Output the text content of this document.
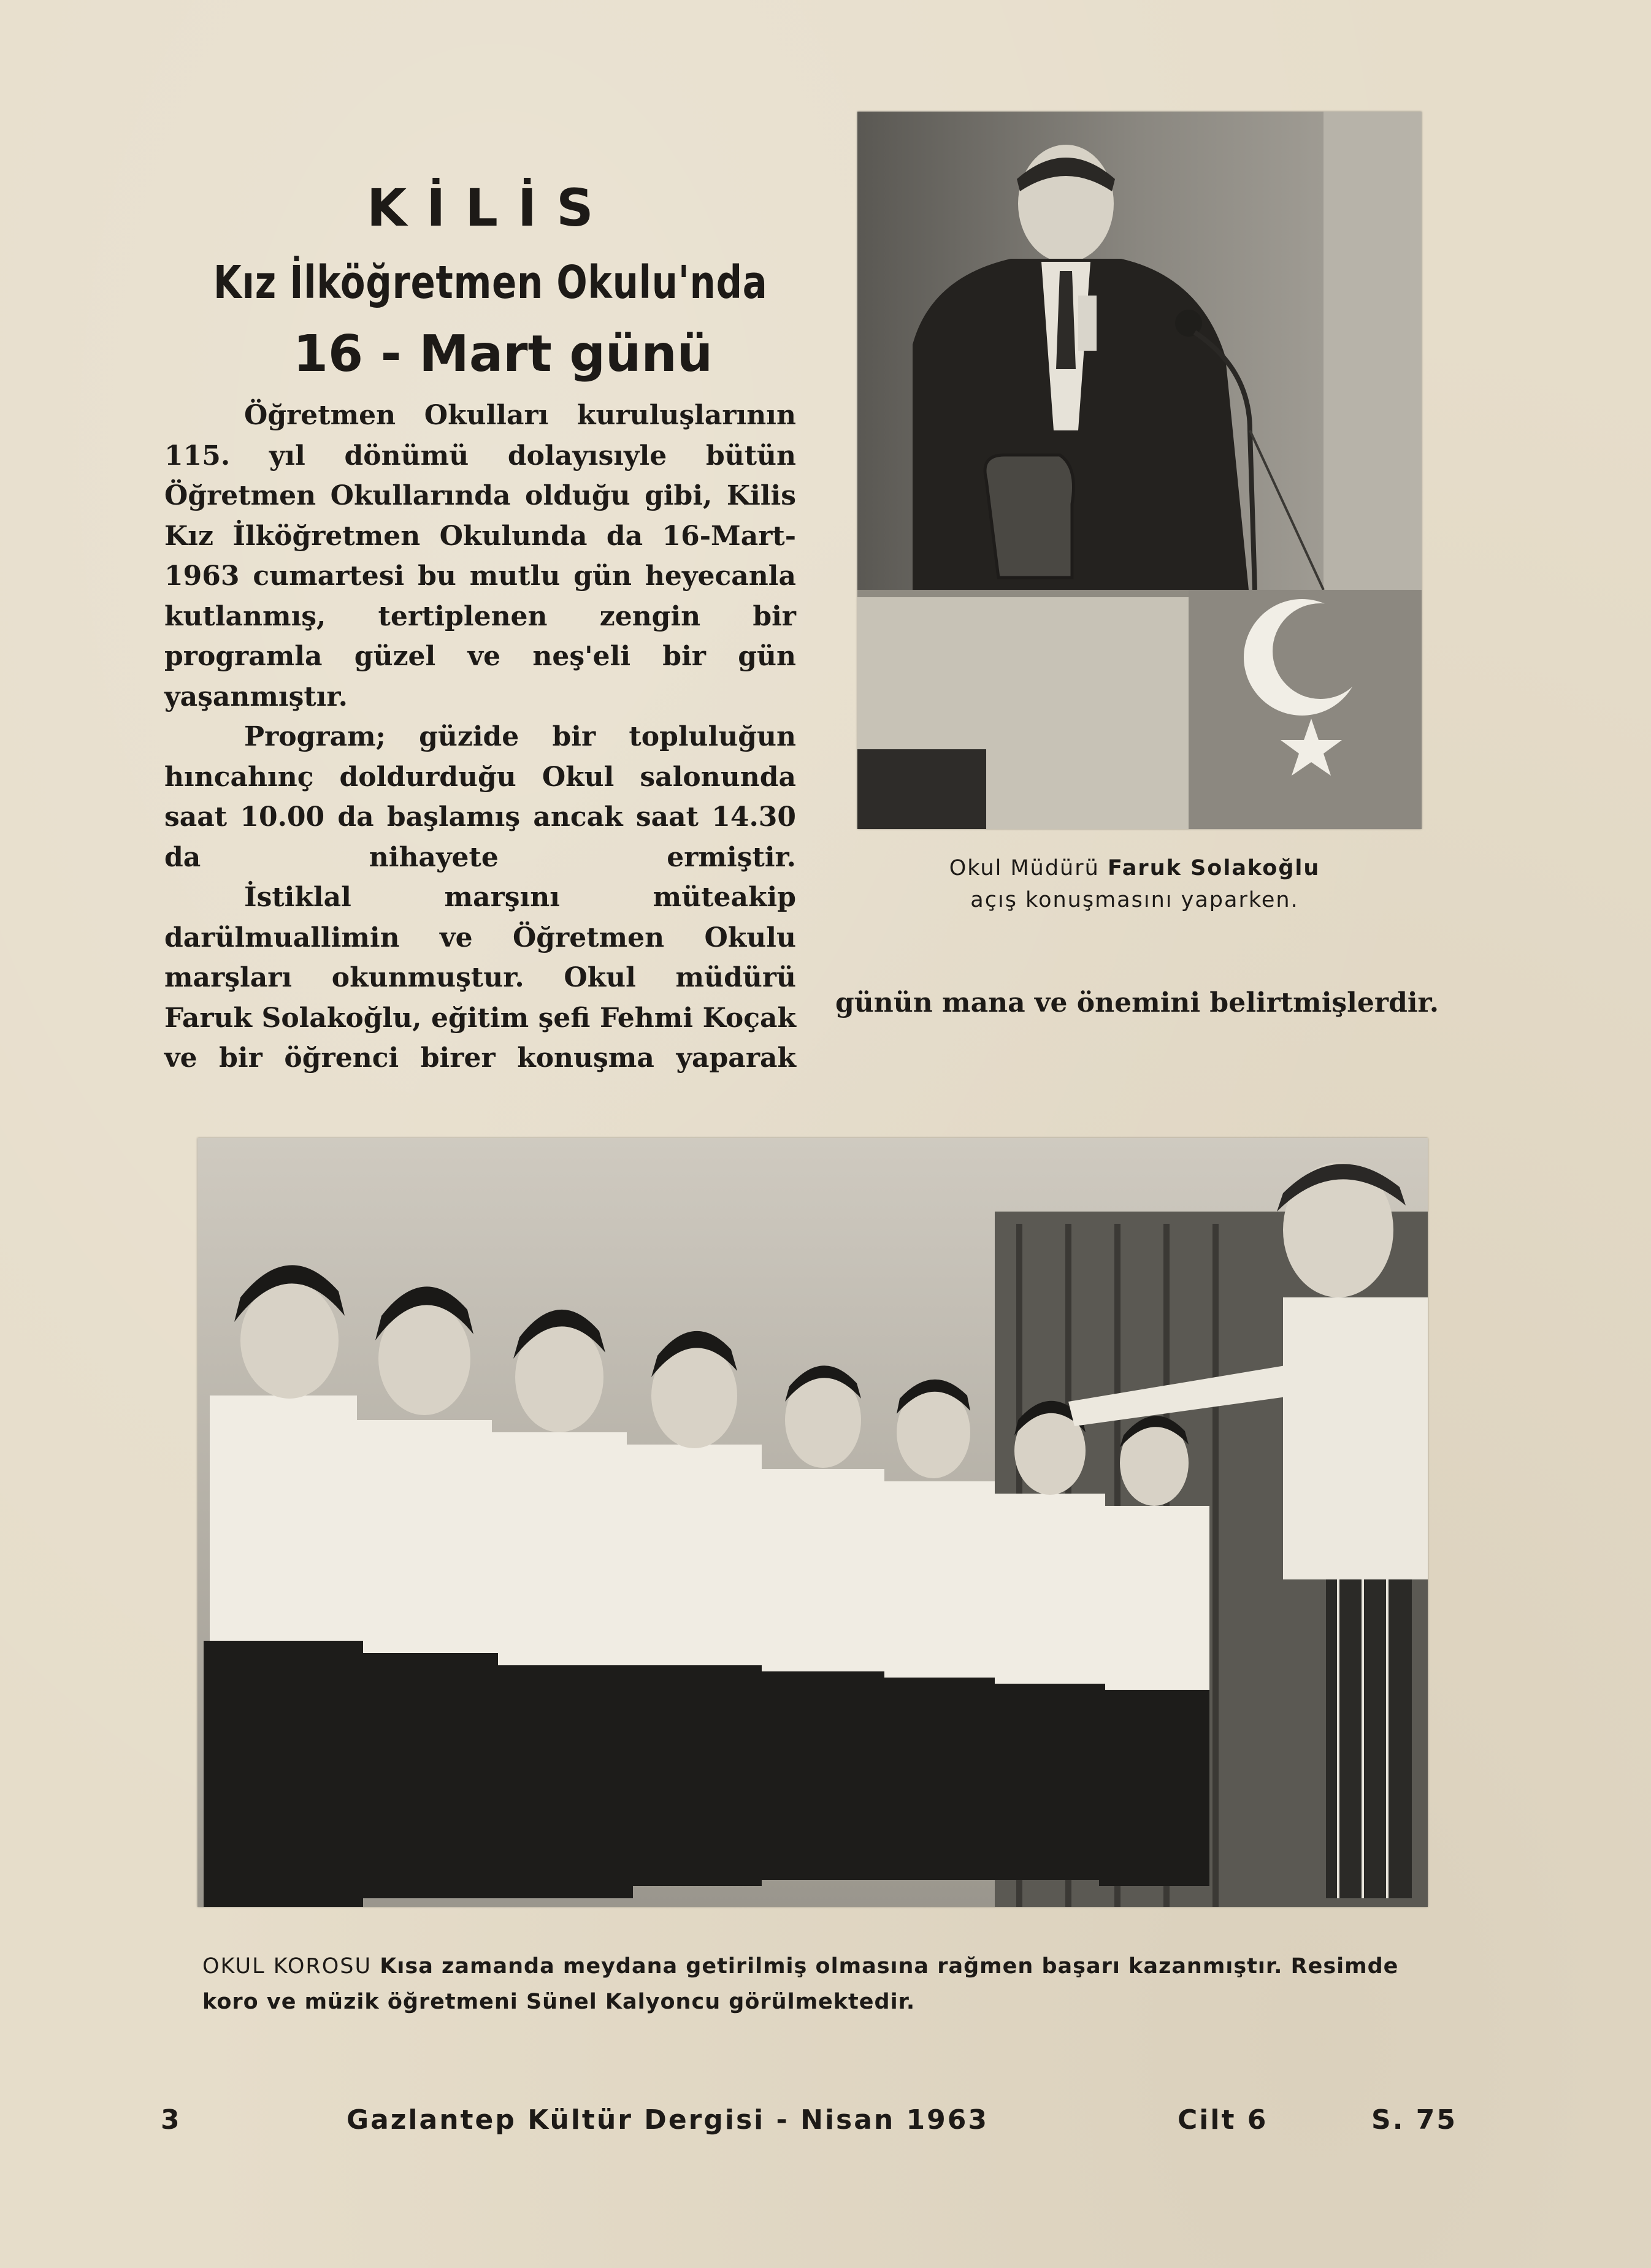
KİLİS
Kız İlköğretmen Okulu'nda
16 - Mart günü

Öğretmen Okulları kuruluşlarının 115. yıl dönümü dolayısıyle bütün Öğretmen Okullarında olduğu gibi, Kilis Kız İlköğretmen Okulunda da 16-Mart-1963 cumartesi bu mutlu gün heyecanla kutlanmış, tertiplenen zengin bir programla güzel ve neş'eli bir gün yaşanmıştır.

Program; güzide bir topluluğun hıncahınç doldurduğu Okul salonunda saat 10.00 da başlamış ancak saat 14.30 da nihayete ermiştir.

İstiklal marşını müteakip darülmuallimin ve Öğretmen Okulu marşları okunmuştur. Okul müdürü Faruk Solakoğlu, eğitim şefi Fehmi Koçak ve bir öğrenci birer konuşma yaparak

Okul Müdürü Faruk Solakoğlu
açış konuşmasını yaparken.
günün mana ve önemini belirtmişlerdir.
OKUL KOROSU Kısa zamanda meydana getirilmiş olmasına rağmen başarı kazanmıştır. Resimde koro ve müzik öğretmeni Sünel Kalyoncu görülmektedir.
3	Gazlantep Kültür Dergisi - Nisan 1963	Cilt 6	S. 75
